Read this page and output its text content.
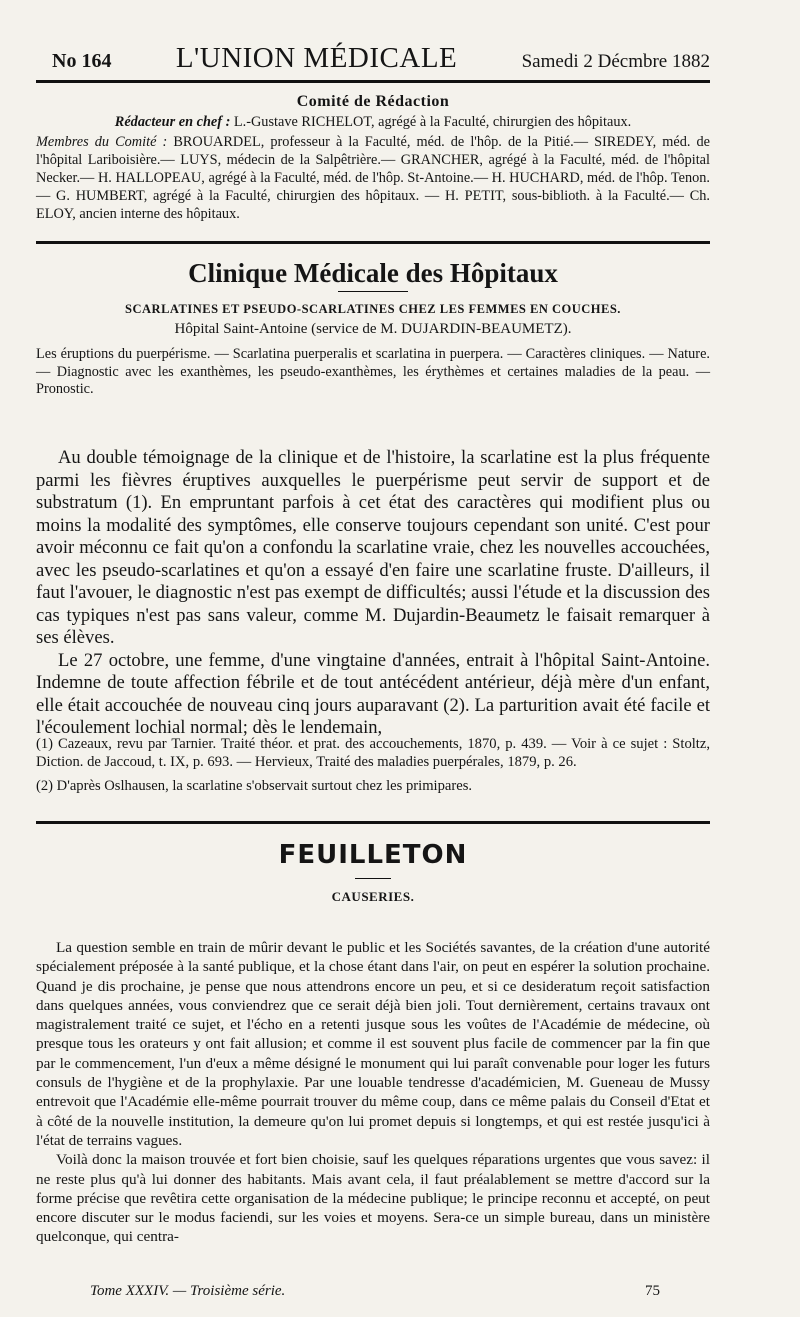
No 164 L'UNION MÉDICALE	Samedi 2 Décmbre 1882
Comité de Rédaction

Rédacteur en chef : L.-Gustave RICHELOT, agrégé à la Faculté, chirurgien des hôpitaux.

Membres du Comité : BROUARDEL, professeur à la Faculté, méd. de l'hôp. de la Pitié.— SIREDEY, méd. de l'hôpital Lariboisière.— LUYS, médecin de la Salpêtrière.— GRANCHER, agrégé à la Faculté, méd. de l'hôpital Necker.— H. HALLOPEAU, agrégé à la Faculté, méd. de l'hôp. St-Antoine.— H. HUCHARD, méd. de l'hôp. Tenon.— G. HUMBERT, agrégé à la Faculté, chirurgien des hôpitaux. — H. PETIT, sous-biblioth. à la Faculté.— Ch. ELOY, ancien interne des hôpitaux.

Clinique Médicale des Hôpitaux
SCARLATINES ET PSEUDO-SCARLATINES CHEZ LES FEMMES EN COUCHES.
Hôpital Saint-Antoine (service de M. DUJARDIN-BEAUMETZ).
Les éruptions du puerpérisme. — Scarlatina puerperalis et scarlatina in puerpera. — Caractères cliniques. — Nature. — Diagnostic avec les exanthèmes, les pseudo-exanthèmes, les érythèmes et certaines maladies de la peau. — Pronostic.

Au double témoignage de la clinique et de l'histoire, la scarlatine est la plus fréquente parmi les fièvres éruptives auxquelles le puerpérisme peut servir de support et de substratum (1). En empruntant parfois à cet état des caractères qui modifient plus ou moins la modalité des symptômes, elle conserve toujours cependant son unité. C'est pour avoir méconnu ce fait qu'on a confondu la scarlatine vraie, chez les nouvelles accouchées, avec les pseudo-scarlatines et qu'on a essayé d'en faire une scarlatine fruste. D'ailleurs, il faut l'avouer, le diagnostic n'est pas exempt de difficultés; aussi l'étude et la discussion des cas typiques n'est pas sans valeur, comme M. Dujardin-Beaumetz le faisait remarquer à ses élèves.

Le 27 octobre, une femme, d'une vingtaine d'années, entrait à l'hôpital Saint-Antoine. Indemne de toute affection fébrile et de tout antécédent antérieur, déjà mère d'un enfant, elle était accouchée de nouveau cinq jours auparavant (2). La parturition avait été facile et l'écoulement lochial normal; dès le lendemain,

(1) Cazeaux, revu par Tarnier. Traité théor. et prat. des accouchements, 1870, p. 439. — Voir à ce sujet : Stoltz, Diction. de Jaccoud, t. IX, p. 693. — Hervieux, Traité des maladies puerpérales, 1879, p. 26.

(2) D'après Oslhausen, la scarlatine s'observait surtout chez les primipares.

FEUILLETON
CAUSERIES.

La question semble en train de mûrir devant le public et les Sociétés savantes, de la création d'une autorité spécialement préposée à la santé publique, et la chose étant dans l'air, on peut en espérer la solution prochaine. Quand je dis prochaine, je pense que nous attendrons encore un peu, et si ce desideratum reçoit satisfaction dans quelques années, vous conviendrez que ce serait déjà bien joli. Tout dernièrement, certains travaux ont magistralement traité ce sujet, et l'écho en a retenti jusque sous les voûtes de l'Académie de médecine, où presque tous les orateurs y ont fait allusion; et comme il est souvent plus facile de commencer par la fin que par le commencement, l'un d'eux a même désigné le monument qui lui paraît convenable pour loger les futurs consuls de l'hygiène et de la prophylaxie. Par une louable tendresse d'académicien, M. Gueneau de Mussy entrevoit que l'Académie elle-même pourrait trouver du même coup, dans ce même palais du Conseil d'Etat et à côté de la nouvelle institution, la demeure qu'on lui promet depuis si longtemps, et qui est restée jusqu'ici à l'état de terrains vagues.

Voilà donc la maison trouvée et fort bien choisie, sauf les quelques réparations urgentes que vous savez: il ne reste plus qu'à lui donner des habitants. Mais avant cela, il faut préalablement se mettre d'accord sur la forme précise que revêtira cette organisation de la médecine publique; le principe reconnu et accepté, on peut encore discuter sur le modus faciendi, sur les voies et moyens. Sera-ce un simple bureau, dans un ministère quelconque, qui centra-

Tome XXXIV. — Troisième série.	75
